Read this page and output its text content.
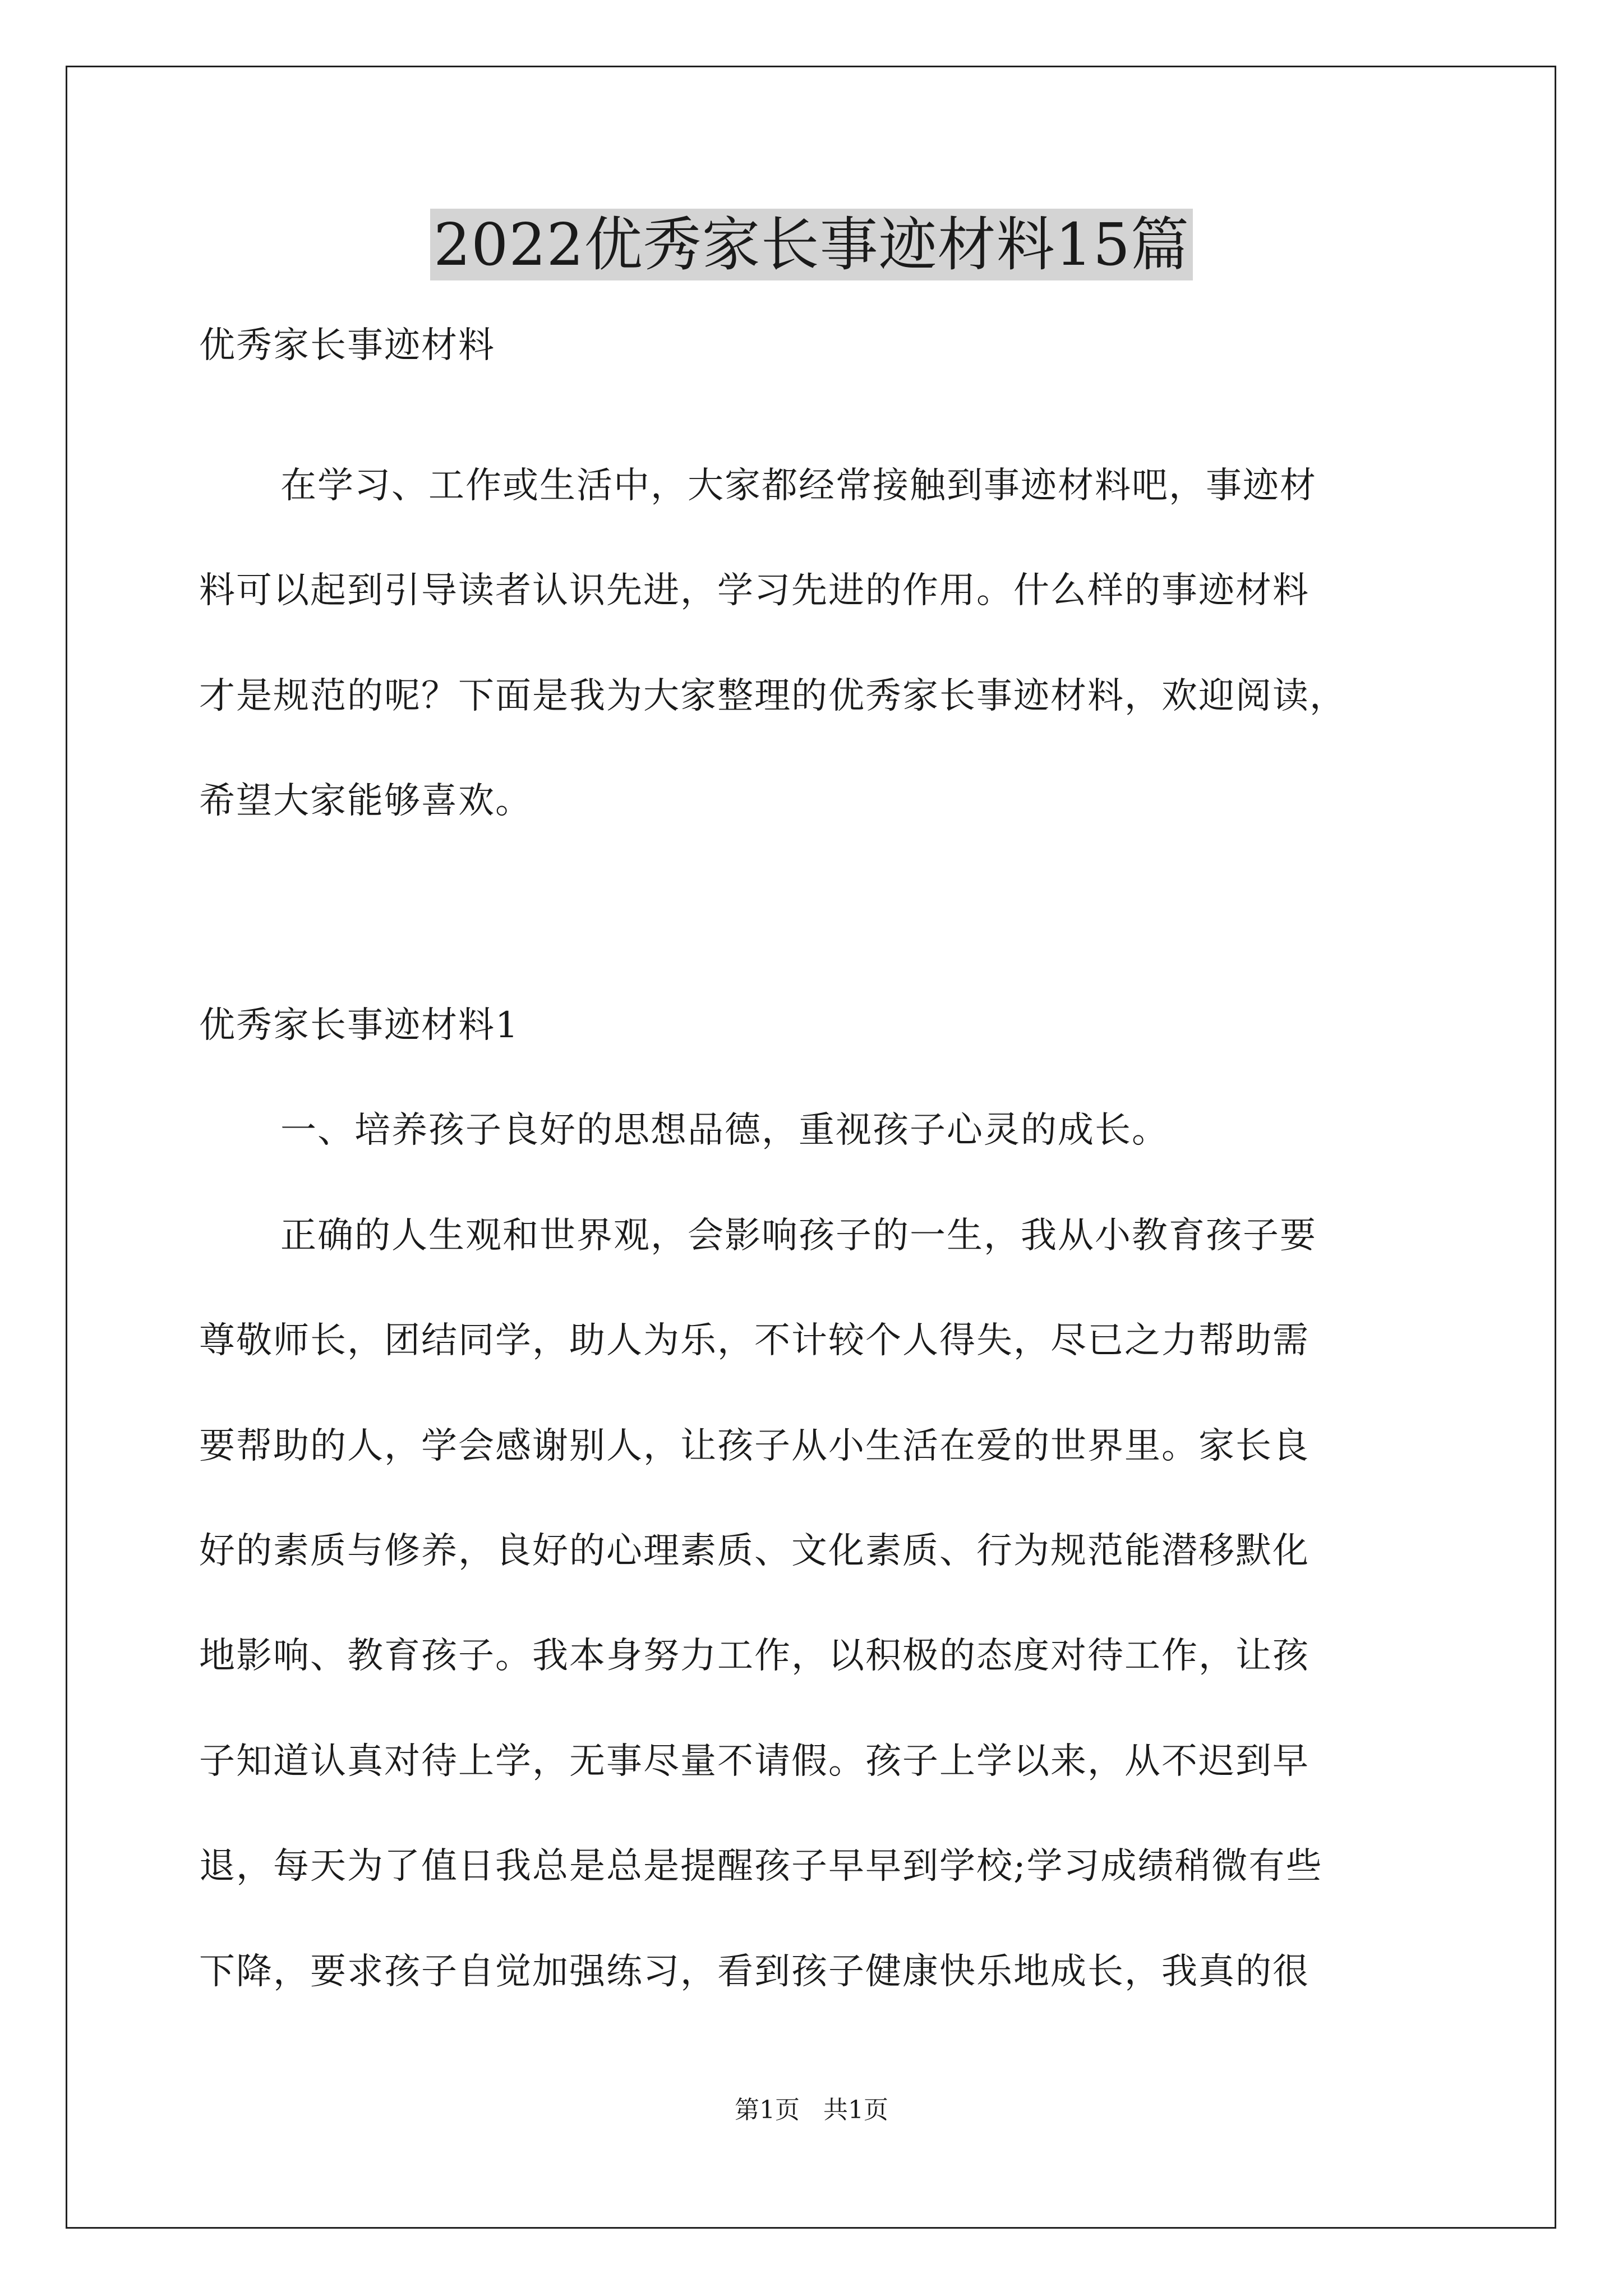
2022优秀家长事迹材料15篇
优秀家长事迹材料
在学习、工作或生活中，大家都经常接触到事迹材料吧，事迹材
料可以起到引导读者认识先进，学习先进的作用。什么样的事迹材料
才是规范的呢？下面是我为大家整理的优秀家长事迹材料，欢迎阅读，
希望大家能够喜欢。
优秀家长事迹材料1
一、培养孩子良好的思想品德，重视孩子心灵的成长。
正确的人生观和世界观，会影响孩子的一生，我从小教育孩子要
尊敬师长，团结同学，助人为乐，不计较个人得失，尽已之力帮助需
要帮助的人，学会感谢别人，让孩子从小生活在爱的世界里。家长良
好的素质与修养，良好的心理素质、文化素质、行为规范能潜移默化
地影响、教育孩子。我本身努力工作，以积极的态度对待工作，让孩
子知道认真对待上学，无事尽量不请假。孩子上学以来，从不迟到早
退，每天为了值日我总是总是提醒孩子早早到学校;学习成绩稍微有些
下降，要求孩子自觉加强练习，看到孩子健康快乐地成长，我真的很
第1页   共1页
